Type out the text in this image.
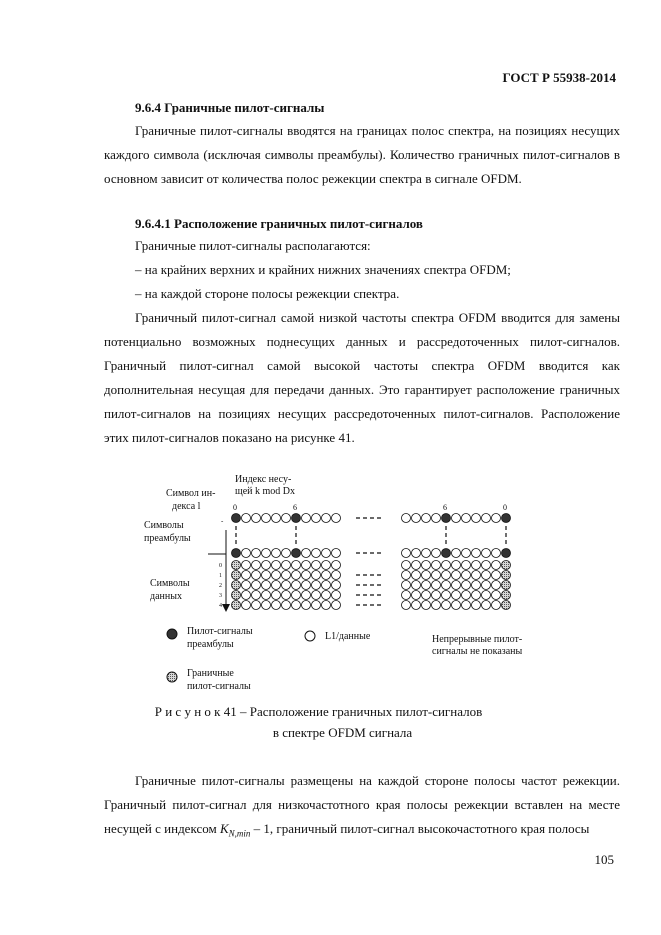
ГОСТ Р 55938-2014
9.6.4 Граничные пилот-сигналы

Граничные пилот-сигналы вводятся на границах полос спектра, на позициях несущих каждого символа (исключая символы преамбулы). Количество граничных пилот-сигналов в основном зависит от количества полос режекции спектра в сигнале OFDM.

9.6.4.1 Расположение граничных пилот-сигналов
Граничные пилот-сигналы располагаются:
– на крайних верхних и крайних нижних значениях спектра OFDM;
– на каждой стороне полосы режекции спектра.

Граничный пилот-сигнал самой низкой частоты спектра OFDM вводится для замены потенциально возможных поднесущих данных и рассредоточенных пилот-сигналов. Граничный пилот-сигнал самой высокой частоты спектра OFDM вводится как дополнительная несущая для передачи данных. Это гарантирует расположение граничных пилот-сигналов на позициях несущих рассредоточенных пилот-сигналов. Расположение этих пилот-сигналов показано на рисунке 41.

Индекс несу-
щей k mod Dx
Символ ин-
декса l
Символы
преамбулы
Символы
данных
0	6	6	0
-
0
1
2
3
4
Пилот-сигналы
преамбулы
L1/данные	Непрерывные пилот-
сигналы не показаны
Граничные
пилот-сигналы
Р и с у н о к 41 – Расположение граничных пилот-сигналов
в спектре OFDM сигнала

Граничные пилот-сигналы размещены на каждой стороне полосы частот режекции. Граничный пилот-сигнал для низкочастотного края полосы режекции вставлен на месте несущей с индексом $K_{N,min} - 1$, граничный пилот-сигнал высокочастотного края полосы

105
